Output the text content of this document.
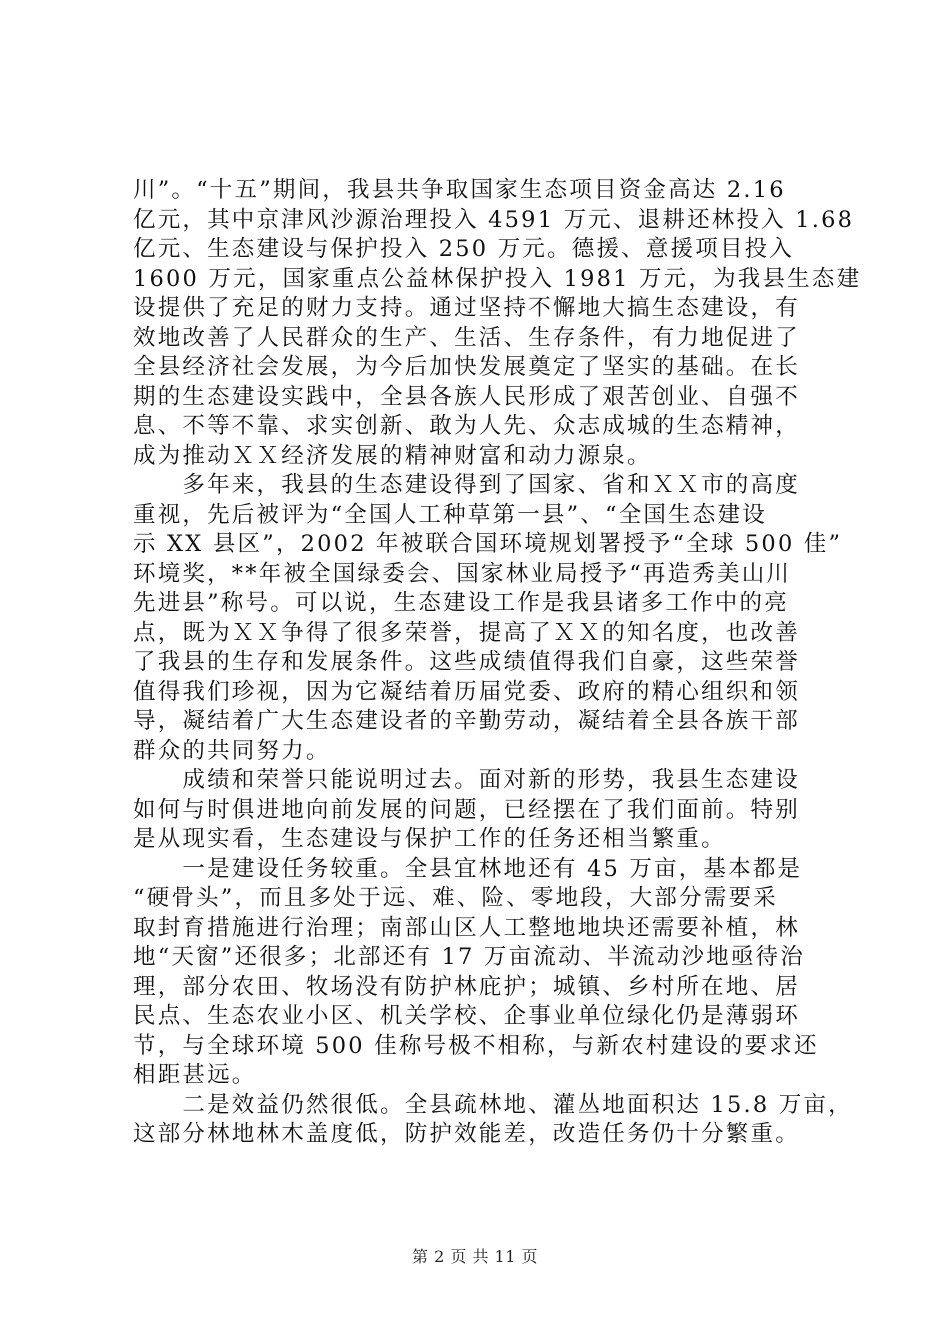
川”。“十五”期间，我县共争取国家生态项目资金高达 2.16
亿元，其中京津风沙源治理投入 4591 万元、退耕还林投入 1.68
亿元、生态建设与保护投入 250 万元。德援、意援项目投入
1600 万元，国家重点公益林保护投入 1981 万元，为我县生态建
设提供了充足的财力支持。通过坚持不懈地大搞生态建设，有
效地改善了人民群众的生产、生活、生存条件，有力地促进了
全县经济社会发展，为今后加快发展奠定了坚实的基础。在长
期的生态建设实践中，全县各族人民形成了艰苦创业、自强不
息、不等不靠、求实创新、敢为人先、众志成城的生态精神，
成为推动ＸＸ经济发展的精神财富和动力源泉。
　　多年来，我县的生态建设得到了国家、省和ＸＸ市的高度
重视，先后被评为“全国人工种草第一县”、“全国生态建设
示 XX 县区”，2002 年被联合国环境规划署授予“全球 500 佳”
环境奖，**年被全国绿委会、国家林业局授予“再造秀美山川
先进县”称号。可以说，生态建设工作是我县诸多工作中的亮
点，既为ＸＸ争得了很多荣誉，提高了ＸＸ的知名度，也改善
了我县的生存和发展条件。这些成绩值得我们自豪，这些荣誉
值得我们珍视，因为它凝结着历届党委、政府的精心组织和领
导，凝结着广大生态建设者的辛勤劳动，凝结着全县各族干部
群众的共同努力。
　　成绩和荣誉只能说明过去。面对新的形势，我县生态建设
如何与时俱进地向前发展的问题，已经摆在了我们面前。特别
是从现实看，生态建设与保护工作的任务还相当繁重。
　　一是建设任务较重。全县宜林地还有 45 万亩，基本都是
“硬骨头”，而且多处于远、难、险、零地段，大部分需要采
取封育措施进行治理；南部山区人工整地地块还需要补植，林
地“天窗”还很多；北部还有 17 万亩流动、半流动沙地亟待治
理，部分农田、牧场没有防护林庇护；城镇、乡村所在地、居
民点、生态农业小区、机关学校、企事业单位绿化仍是薄弱环
节，与全球环境 500 佳称号极不相称，与新农村建设的要求还
相距甚远。
　　二是效益仍然很低。全县疏林地、灌丛地面积达 15.8 万亩，
这部分林地林木盖度低，防护效能差，改造任务仍十分繁重。
第 2 页 共 11 页
